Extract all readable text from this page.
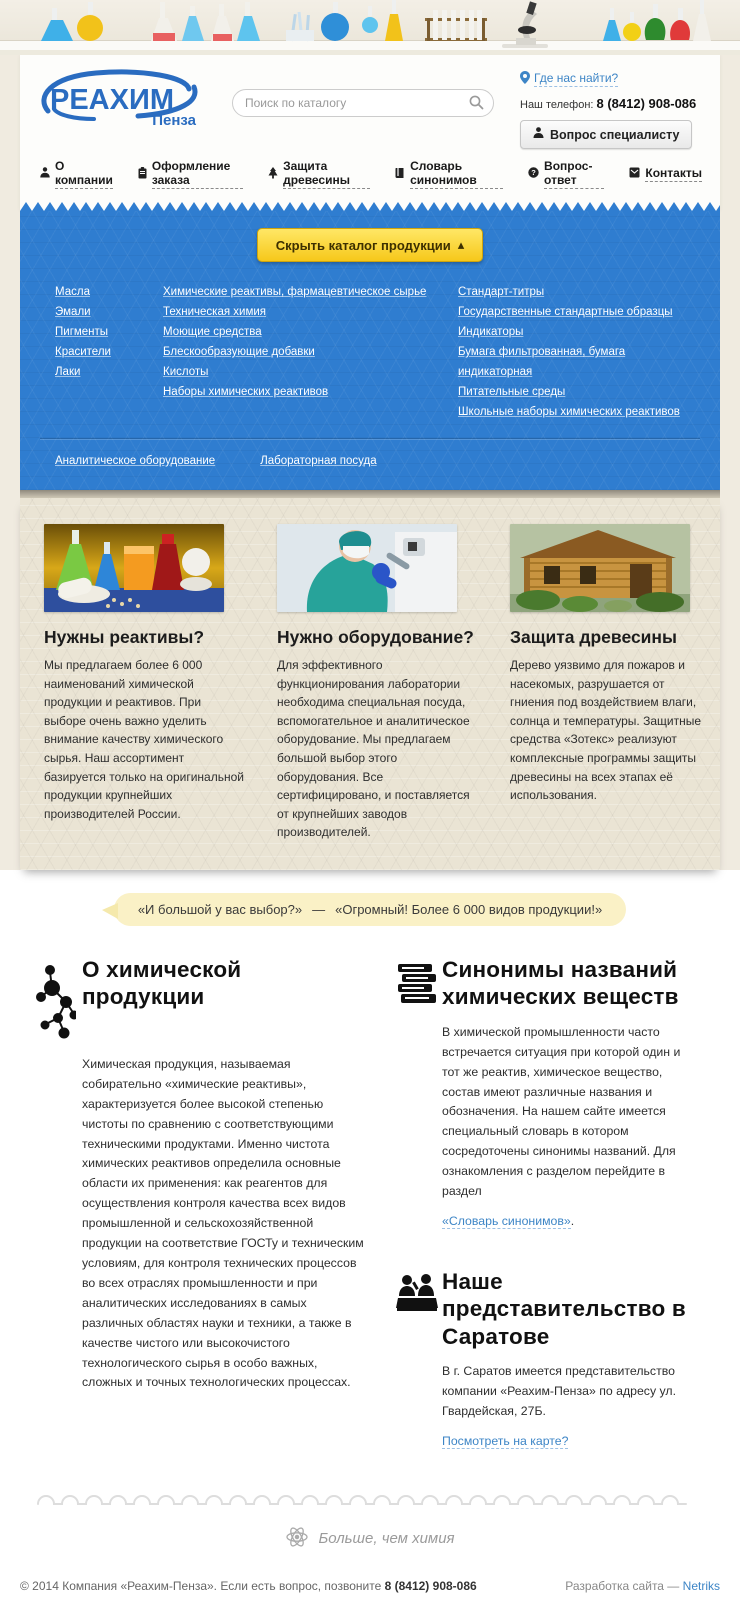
РЕАХИМ
Пенза
Поиск по каталогу
Где нас найти?
Наш телефон: 8 (8412) 908-086
Вопрос специалисту
О компании
Оформление заказа
Защита древесины
Словарь синонимов
? Вопрос-ответ	Контакты
Скрыть каталог продукции ▴
Масла
Эмали
Пигменты
Красители
Лаки
Химические реактивы, фармацевтическое сырье
Техническая химия
Моющие средства
Блескообразующие добавки
Кислоты
Наборы химических реактивов
Стандарт-титры
Государственные стандартные образцы
Индикаторы
Бумага фильтрованная, бумага индикаторная
Питательные среды
Школьные наборы химических реактивов
Аналитическое оборудование	Лабораторная посуда
Нужны реактивы?

Мы предлагаем более 6 000 наименований химической продукции и реактивов. При выборе очень важно уделить внимание качеству химического сырья. Наш ассортимент базируется только на оригинальной продукции крупнейших производителей России.

Нужно оборудование?

Для эффективного функционирования лаборатории необходима специальная посуда, вспомогательное и аналитическое оборудование. Мы предлагаем большой выбор этого оборудования. Все сертифицировано, и поставляется от крупнейших заводов производителей.

Защита древесины

Дерево уязвимо для пожаров и насекомых, разрушается от гниения под воздействием влаги, солнца и температуры. Защитные средства «Зотекс» реализуют комплексные программы защиты древесины на всех этапах её использования.

«И большой у вас выбор?» — «Огромный! Более 6 000 видов продукции!»
О химической продукции

Химическая продукция, называемая собирательно «химические реактивы», характеризуется более высокой степенью чистоты по сравнению с соответствующими техническими продуктами. Именно чистота химических реактивов определила основные области их применения: как реагентов для осуществления контроля качества всех видов промышленной и сельскохозяйственной продукции на соответствие ГОСТу и техническим условиям, для контроля технических процессов во всех отраслях промышленности и при аналитических исследованиях в самых различных областях науки и техники, а также в качестве чистого или высокочистого технологического сырья в особо важных, сложных и точных технологических процессах.

Синонимы названий химических веществ

В химической промышленности часто встречается ситуация при которой один и тот же реактив, химическое вещество, состав имеют различные названия и обозначения. На нашем сайте имеется специальный словарь в котором сосредоточены синонимы названий. Для ознакомления с разделом перейдите в раздел

«Словарь синонимов».
Наше представительство в Саратове

В г. Саратов имеется представительство компании «Реахим-Пенза» по адресу ул. Гвардейская, 27Б.

Посмотреть на карте?
Больше, чем химия
© 2014 Компания «Реахим-Пенза». Если есть вопрос, позвоните 8 (8412) 908-086	Разработка сайта — Netriks
